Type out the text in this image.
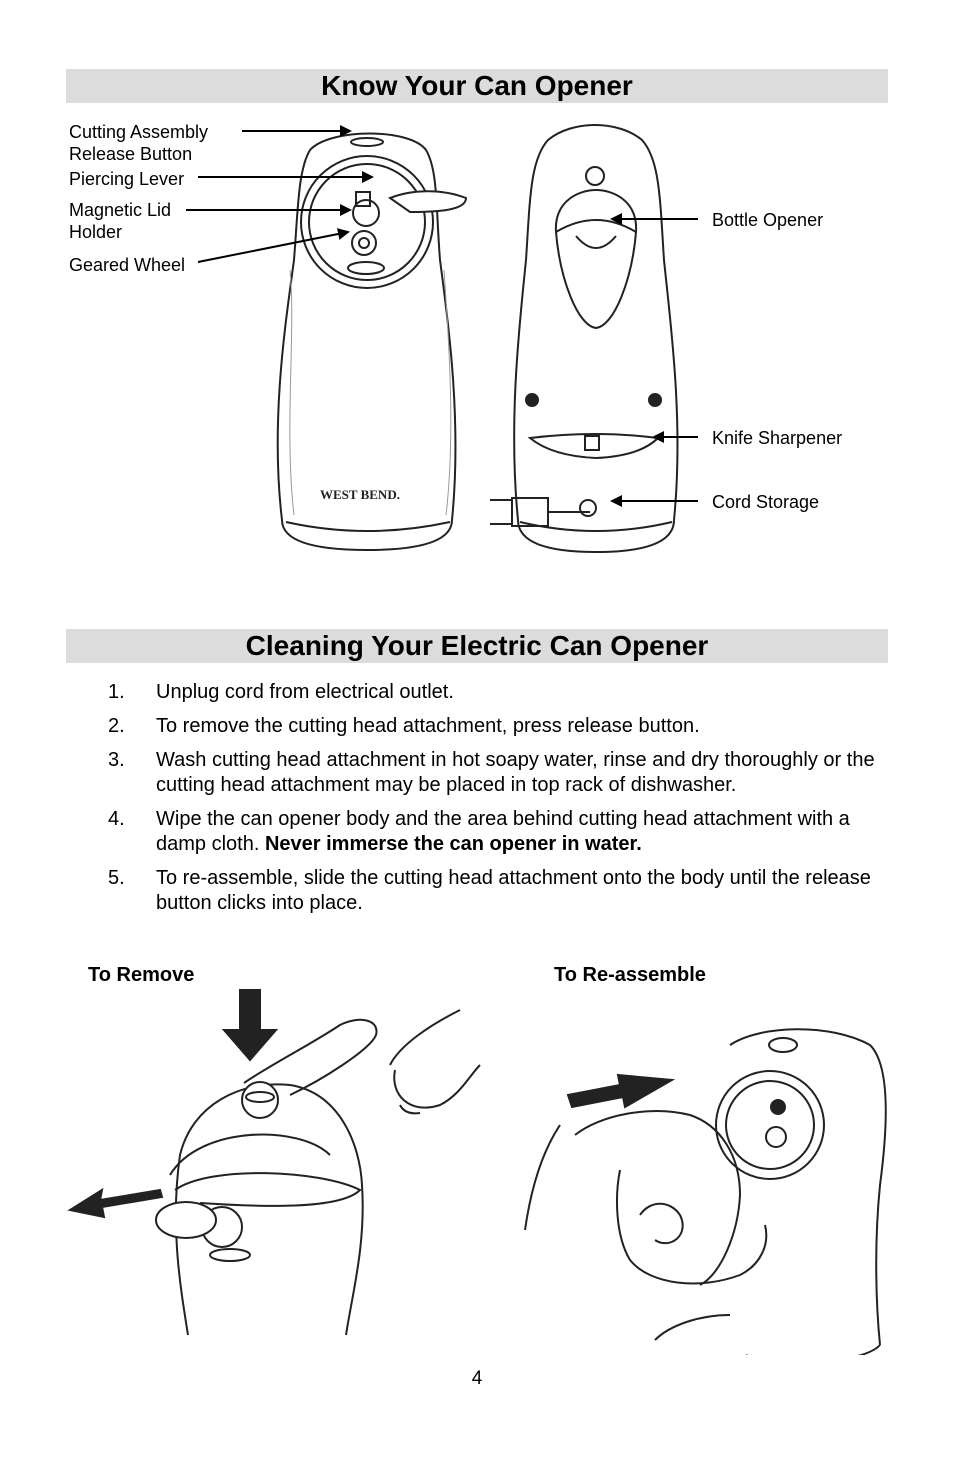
Know Your Can Opener
WEST BEND.
Cutting Assembly
Release Button
Piercing Lever
Magnetic Lid
Holder
Geared Wheel
Bottle Opener
Knife Sharpener
Cord Storage
Cleaning Your Electric Can Opener
1.	Unplug cord from electrical outlet.
2.	To remove the cutting head attachment, press release button.
3.	Wash cutting head attachment in hot soapy water, rinse and dry thoroughly or the cutting head attachment may be placed in top rack of dishwasher.
4.	Wipe the can opener body and the area behind cutting head attachment with a damp cloth. Never immerse the can opener in water.
5.	To re-assemble, slide the cutting head attachment onto the body until the release button clicks into place.
To Remove	To Re-assemble
4
